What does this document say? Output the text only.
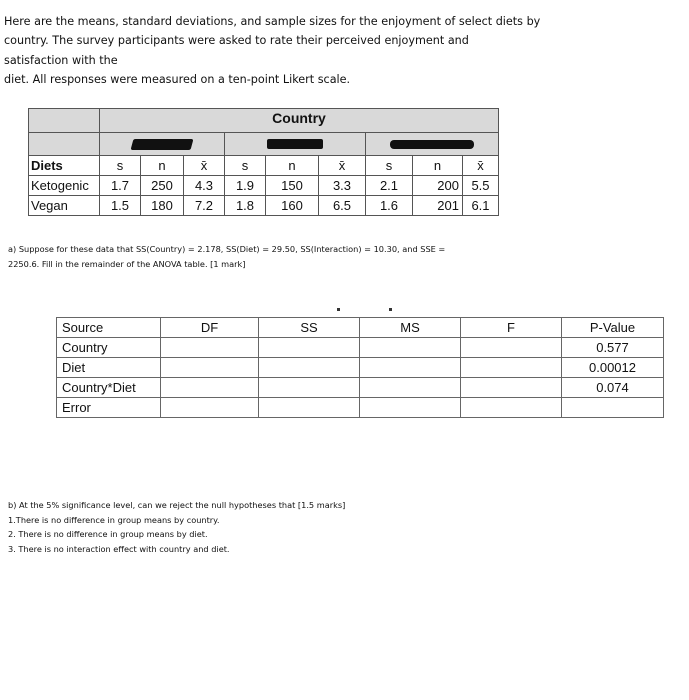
Here are the means, standard deviations, and sample sizes for the enjoyment of select diets by

country. The survey participants were asked to rate their perceived enjoyment and

satisfaction with the

diet. All responses were measured on a ten-point Likert scale.

	Country								

Diets	s	n	x̄	s	n	x̄	s	n	x̄
Ketogenic	1.7	250	4.3	1.9	150	3.3	2.1	200	5.5
Vegan	1.5	180	7.2	1.8	160	6.5	1.6	201	6.1

a) Suppose for these data that SS(Country) = 2.178, SS(Diet) = 29.50, SS(Interaction) = 10.30, and SSE = 2250.6. Fill in the remainder of the ANOVA table. [1 mark]

Source	DF	SS	MS	F	P-Value
Country					0.577
Diet					0.00012
Country*Diet					0.074
Error					

b) At the 5% significance level, can we reject the null hypotheses that [1.5 marks]

1.There is no difference in group means by country.

2. There is no difference in group means by diet.

3. There is no interaction effect with country and diet.
